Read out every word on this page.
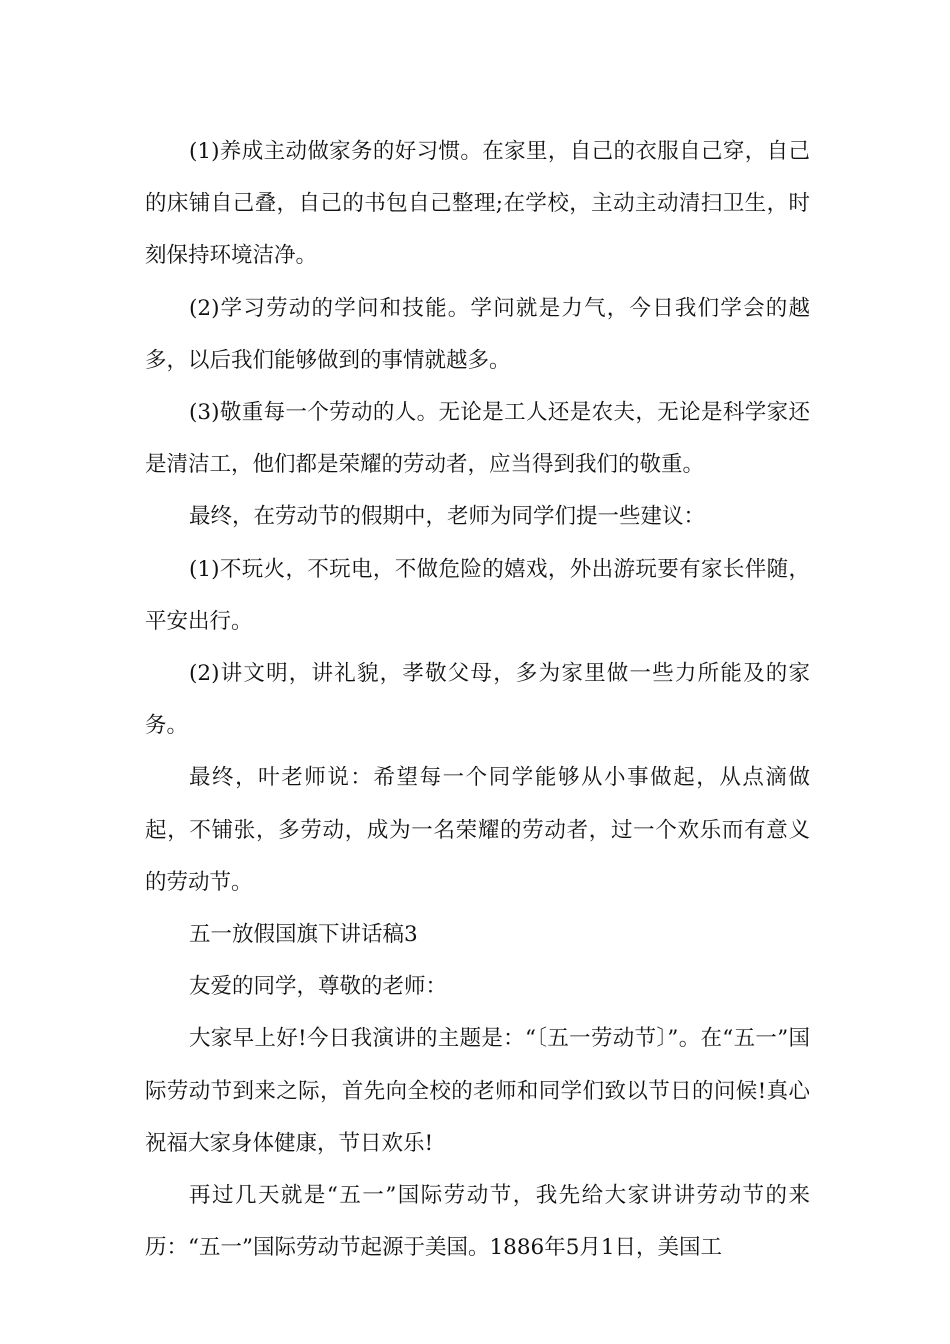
(1)养成主动做家务的好习惯。在家里，自己的衣服自己穿，自己的床铺自己叠，自己的书包自己整理;在学校，主动主动清扫卫生，时刻保持环境洁净。

(2)学习劳动的学问和技能。学问就是力气，今日我们学会的越多，以后我们能够做到的事情就越多。

(3)敬重每一个劳动的人。无论是工人还是农夫，无论是科学家还是清洁工，他们都是荣耀的劳动者，应当得到我们的敬重。

最终，在劳动节的假期中，老师为同学们提一些建议：

(1)不玩火，不玩电，不做危险的嬉戏，外出游玩要有家长伴随，平安出行。

(2)讲文明，讲礼貌，孝敬父母，多为家里做一些力所能及的家务。

最终，叶老师说：希望每一个同学能够从小事做起，从点滴做起，不铺张，多劳动，成为一名荣耀的劳动者，过一个欢乐而有意义的劳动节。

五一放假国旗下讲话稿3

友爱的同学，尊敬的老师：

大家早上好!今日我演讲的主题是：“〔五一劳动节〕”。在“五一”国际劳动节到来之际，首先向全校的老师和同学们致以节日的问候!真心祝福大家身体健康，节日欢乐!

再过几天就是“五一”国际劳动节，我先给大家讲讲劳动节的来历：“五一”国际劳动节起源于美国。1886年5月1日，美国工
